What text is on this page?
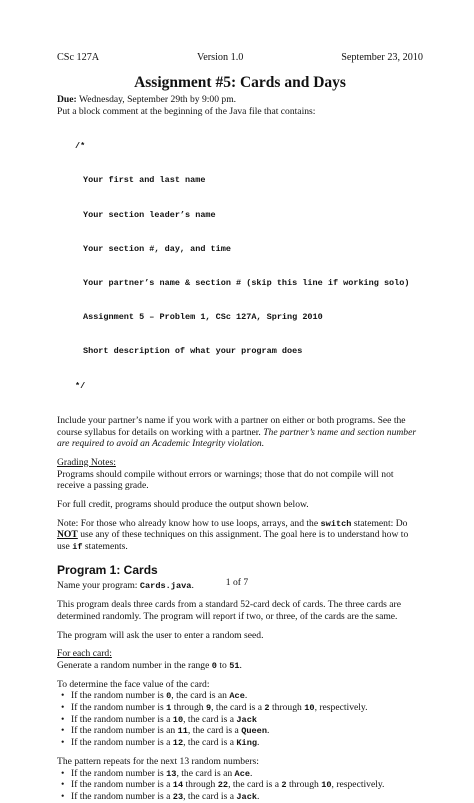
CSc 127A	Version 1.0	September 23, 2010
Assignment #5: Cards and Days

Due: Wednesday, September 29th by 9:00 pm.

Put a block comment at the beginning of the Java file that contains:

/*

Your first and last name

Your section leader’s name

Your section #, day, and time

Your partner’s name & section # (skip this line if working solo)

Assignment 5 – Problem 1, CSc 127A, Spring 2010

Short description of what your program does

*/

Include your partner’s name if you work with a partner on either or both programs. See the course syllabus for details on working with a partner. The partner’s name and section number are required to avoid an Academic Integrity violation.

Grading Notes:

Programs should compile without errors or warnings; those that do not compile will not receive a passing grade.

For full credit, programs should produce the output shown below.

Note: For those who already know how to use loops, arrays, and the switch statement: Do NOT use any of these techniques on this assignment. The goal here is to understand how to use if statements.

Program 1: Cards

Name your program: Cards.java.

This program deals three cards from a standard 52-card deck of cards. The three cards are determined randomly. The program will report if two, or three, of the cards are the same.

The program will ask the user to enter a random seed.

For each card:

Generate a random number in the range 0 to 51.

To determine the face value of the card:

• If the random number is 0, the card is an Ace.
• If the random number is 1 through 9, the card is a 2 through 10, respectively.
• If the random number is a 10, the card is a Jack
• If the random number is an 11, the card is a Queen.
• If the random number is a 12, the card is a King.

The pattern repeats for the next 13 random numbers:

• If the random number is 13, the card is an Ace.
• If the random number is a 14 through 22, the card is a 2 through 10, respectively.
• If the random number is a 23, the card is a Jack.
1 of 7
